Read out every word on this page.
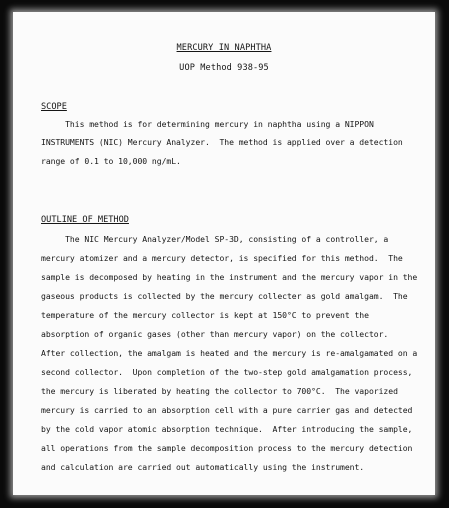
MERCURY IN NAPHTHA
UOP Method 938-95
SCOPE
This method is for determining mercury in naphtha using a NIPPON
INSTRUMENTS (NIC) Mercury Analyzer.  The method is applied over a detection
range of 0.1 to 10,000 ng/mL.
OUTLINE OF METHOD
The NIC Mercury Analyzer/Model SP-3D, consisting of a controller, a
mercury atomizer and a mercury detector, is specified for this method.  The
sample is decomposed by heating in the instrument and the mercury vapor in the
gaseous products is collected by the mercury collecter as gold amalgam.  The
temperature of the mercury collector is kept at 150°C to prevent the
absorption of organic gases (other than mercury vapor) on the collector.
After collection, the amalgam is heated and the mercury is re-amalgamated on a
second collector.  Upon completion of the two-step gold amalgamation process,
the mercury is liberated by heating the collector to 700°C.  The vaporized
mercury is carried to an absorption cell with a pure carrier gas and detected
by the cold vapor atomic absorption technique.  After introducing the sample,
all operations from the sample decomposition process to the mercury detection
and calculation are carried out automatically using the instrument.
